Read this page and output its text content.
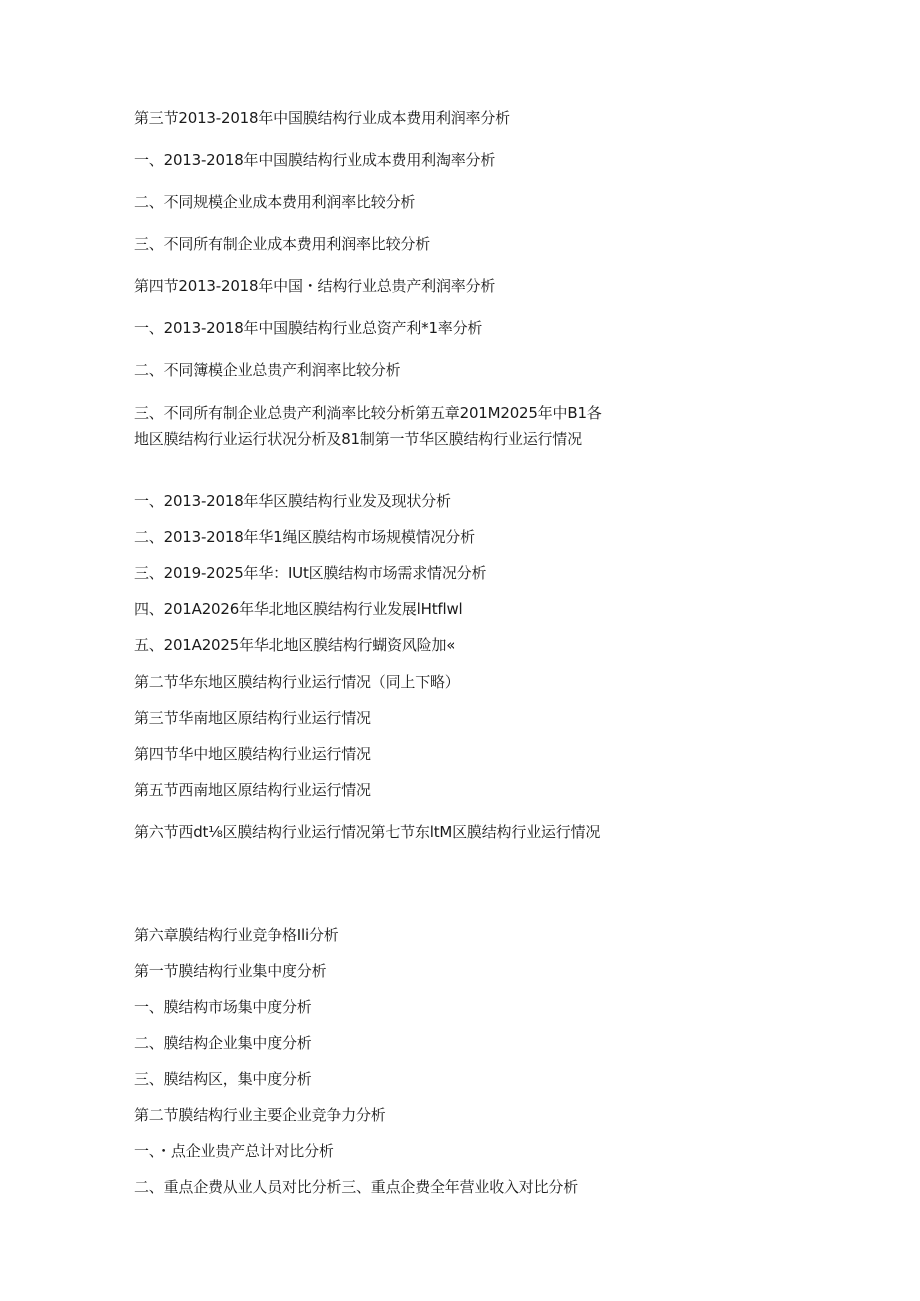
第三节2013-2018年中国膜结构行业成本费用利润率分析
一、2013-2018年中国膜结构行业成本费用利淘率分析
二、不同规模企业成本费用利润率比较分析
三、不同所有制企业成本费用利润率比较分析
第四节2013-2018年中国・结构行业总贵产利润率分析
一、2013-2018年中国膜结构行业总资产利*1率分析
二、不同簿模企业总贵产利润率比较分析
三、不同所有制企业总贵产利淌率比较分析第五章201M2025年中B1各地区膜结构行业运行状况分析及81制第一节华区膜结构行业运行情况
一、2013-2018年华区膜结构行业发及现状分析
二、2013-2018年华1绳区膜结构市场规模情况分析
三、2019-2025年华：IUt区膜结构市场需求情况分析
四、201A2026年华北地区膜结构行业发展lHtflwl
五、201A2025年华北地区膜结构行蝴资风险加«
第二节华东地区膜结构行业运行情况（同上下略）
第三节华南地区原结构行业运行情况
第四节华中地区膜结构行业运行情况
第五节西南地区原结构行业运行情况
第六节西dt⅛区膜结构行业运行情况第七节东ltM区膜结构行业运行情况
第六章膜结构行业竞争格Ili分析
第一节膜结构行业集中度分析
一、膜结构市场集中度分析
二、膜结构企业集中度分析
三、膜结构区，集中度分析
第二节膜结构行业主要企业竞争力分析
一、・点企业贵产总计对比分析
二、重点企费从业人员对比分析三、重点企费全年营业收入对比分析
